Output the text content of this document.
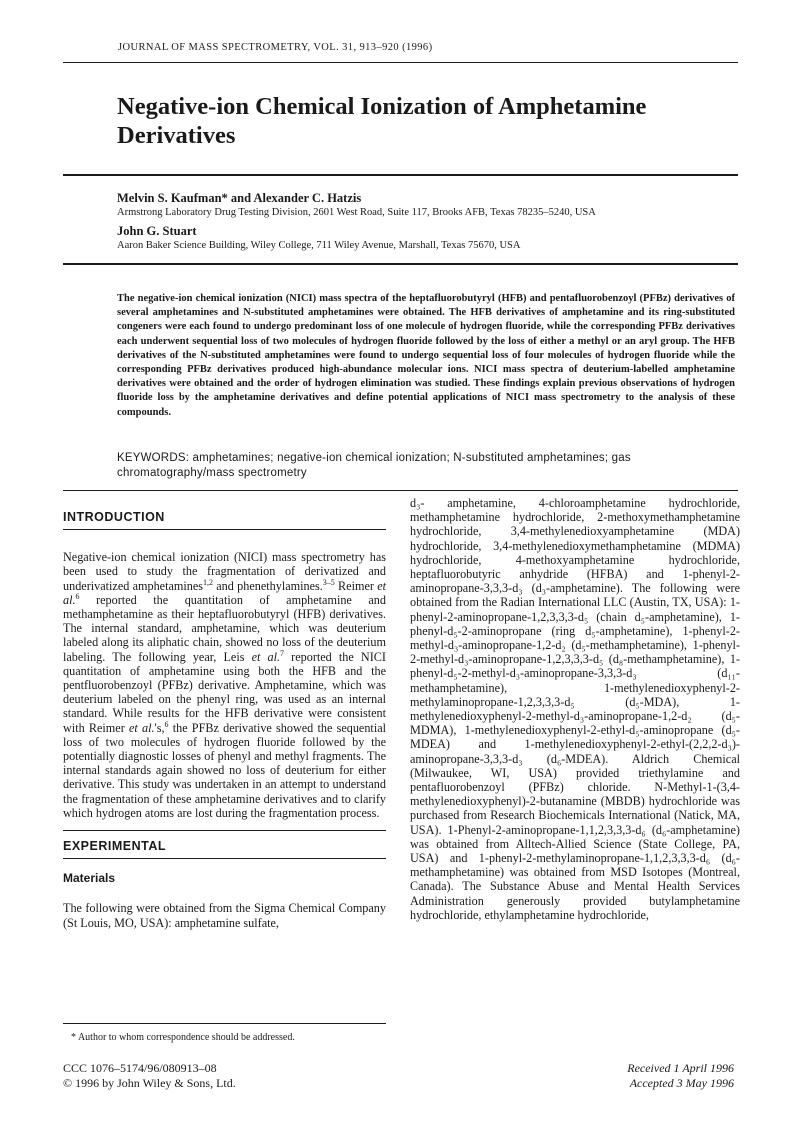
JOURNAL OF MASS SPECTROMETRY, VOL. 31, 913–920 (1996)
Negative-ion Chemical Ionization of Amphetamine Derivatives
Melvin S. Kaufman* and Alexander C. Hatzis
Armstrong Laboratory Drug Testing Division, 2601 West Road, Suite 117, Brooks AFB, Texas 78235–5240, USA
John G. Stuart
Aaron Baker Science Building, Wiley College, 711 Wiley Avenue, Marshall, Texas 75670, USA
The negative-ion chemical ionization (NICI) mass spectra of the heptafluorobutyryl (HFB) and pentafluorobenzoyl (PFBz) derivatives of several amphetamines and N-substituted amphetamines were obtained. The HFB derivatives of amphetamine and its ring-substituted congeners were each found to undergo predominant loss of one molecule of hydrogen fluoride, while the corresponding PFBz derivatives each underwent sequential loss of two molecules of hydrogen fluoride followed by the loss of either a methyl or an aryl group. The HFB derivatives of the N-substituted amphetamines were found to undergo sequential loss of four molecules of hydrogen fluoride while the corresponding PFBz derivatives produced high-abundance molecular ions. NICI mass spectra of deuterium-labelled amphetamine derivatives were obtained and the order of hydrogen elimination was studied. These findings explain previous observations of hydrogen fluoride loss by the amphetamine derivatives and define potential applications of NICI mass spectrometry to the analysis of these compounds.
KEYWORDS: amphetamines; negative-ion chemical ionization; N-substituted amphetamines; gas chromatography/mass spectrometry
INTRODUCTION

Negative-ion chemical ionization (NICI) mass spectrometry has been used to study the fragmentation of derivatized and underivatized amphetamines$^{1,2}$ and phenethylamines.$^{3-5}$ Reimer et al.$^6$ reported the quantitation of amphetamine and methamphetamine as their heptafluorobutyryl (HFB) derivatives. The internal standard, amphetamine, which was deuterium labeled along its aliphatic chain, showed no loss of the deuterium labeling. The following year, Leis et al.$^7$ reported the NICI quantitation of amphetamine using both the HFB and the pentfluorobenzoyl (PFBz) derivative. Amphetamine, which was deuterium labeled on the phenyl ring, was used as an internal standard. While results for the HFB derivative were consistent with Reimer et al.'s,$^6$ the PFBz derivative showed the sequential loss of two molecules of hydrogen fluoride followed by the potentially diagnostic losses of phenyl and methyl fragments. The internal standards again showed no loss of deuterium for either derivative. This study was undertaken in an attempt to understand the fragmentation of these amphetamine derivatives and to clarify which hydrogen atoms are lost during the fragmentation process.

EXPERIMENTAL
Materials

The following were obtained from the Sigma Chemical Company (St Louis, MO, USA): amphetamine sulfate,

d₃- amphetamine, 4-chloroamphetamine hydrochloride, methamphetamine hydrochloride, 2-methoxymethamphetamine hydrochloride, 3,4-methylenedioxyamphetamine (MDA) hydrochloride, 3,4-methylenedioxymethamphetamine (MDMA) hydrochloride, 4-methoxyamphetamine hydrochloride, heptafluorobutyric anhydride (HFBA) and 1-phenyl-2-aminopropane-3,3,3-d₃ (d₃-amphetamine). The following were obtained from the Radian International LLC (Austin, TX, USA): 1-phenyl-2-aminopropane-1,2,3,3,3-d₅ (chain d₅-amphetamine), 1-phenyl-d₅-2-aminopropane (ring d₅-amphetamine), 1-phenyl-2-methyl-d₃-aminopropane-1,2-d₂ (d₅-methamphetamine), 1-phenyl-2-methyl-d₃-aminopropane-1,2,3,3,3-d₅ (d₈-methamphetamine), 1-phenyl-d₅-2-methyl-d₃-aminopropane-3,3,3-d₃ (d₁₁-methamphetamine), 1-methylenedioxyphenyl-2-methylaminopropane-1,2,3,3,3-d₅ (d₅-MDA), 1-methylenedioxyphenyl-2-methyl-d₃-aminopropane-1,2-d₂ (d₅-MDMA), 1-methylenedioxyphenyl-2-ethyl-d₅-aminopropane (d₅-MDEA) and 1-methylenedioxyphenyl-2-ethyl-(2,2,2-d₃)-aminopropane-3,3,3-d₃ (d₆-MDEA). Aldrich Chemical (Milwaukee, WI, USA) provided triethylamine and pentafluorobenzoyl (PFBz) chloride. N-Methyl-1-(3,4-methylenedioxyphenyl)-2-butanamine (MBDB) hydrochloride was purchased from Research Biochemicals International (Natick, MA, USA). 1-Phenyl-2-aminopropane-1,1,2,3,3,3-d₆ (d₆-amphetamine) was obtained from Alltech-Allied Science (State College, PA, USA) and 1-phenyl-2-methylaminopropane-1,1,2,3,3,3-d₆ (d₆-methamphetamine) was obtained from MSD Isotopes (Montreal, Canada). The Substance Abuse and Mental Health Services Administration generously provided butylamphetamine hydrochloride, ethylamphetamine hydrochloride,

* Author to whom correspondence should be addressed.
CCC 1076–5174/96/080913–08
© 1996 by John Wiley & Sons, Ltd.
Received 1 April 1996
Accepted 3 May 1996
